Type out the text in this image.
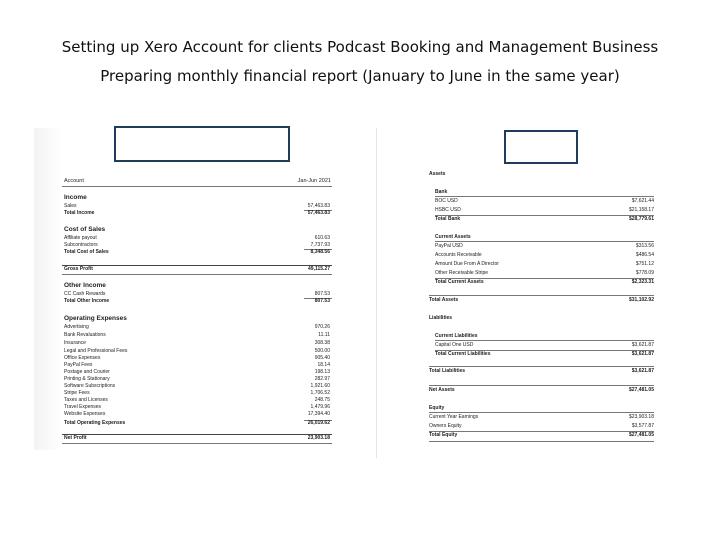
Setting up Xero Account for clients Podcast Booking and Management Business
Preparing monthly financial report (January to June in the same year)
Account	Jan-Jun 2021
Income
Sales	57,463.83
Total Income	57,463.83
Cost of Sales
Affiliate payout	610.63
Subcontractors	7,737.93
Total Cost of Sales	8,348.56
Gross Profit	49,115.27
Other Income
CC Cash Rewards	807.53
Total Other Income	807.53
Operating Expenses
Advertising	970.26
Bank Revaluations	11.11
Insurance	308.38
Legal and Professional Fees	500.00
Office Expenses	905.40
PayPal Fees	18.14
Postage and Courier	198.13
Printing & Stationary	282.97
Software Subscriptions	1,921.60
Stripe Fees	1,706.52
Taxes and Licenses	248.75
Travel Expenses	1,479.96
Website Expenses	17,394.40
Total Operating Expenses	26,019.62
Net Profit	23,903.18
Assets
Bank
BOC USD	$7,621.44
HSBC USD	$21,158.17
Total Bank	$28,779.61
Current Assets
PayPal USD	$313.56
Accounts Receivable	$486.54
Amount Due From A Director	$751.12
Other Receivable Stripe	$778.09
Total Current Assets	$2,323.31
Total Assets	$31,102.92
Liabilities
Current Liabilities
Capital One USD	$3,621.87
Total Current Liabilities	$3,621.87
Total Liabilities	$3,621.87
Net Assets	$27,481.05
Equity
Current Year Earnings	$23,903.18
Owners Equity	$3,577.87
Total Equity	$27,481.05
